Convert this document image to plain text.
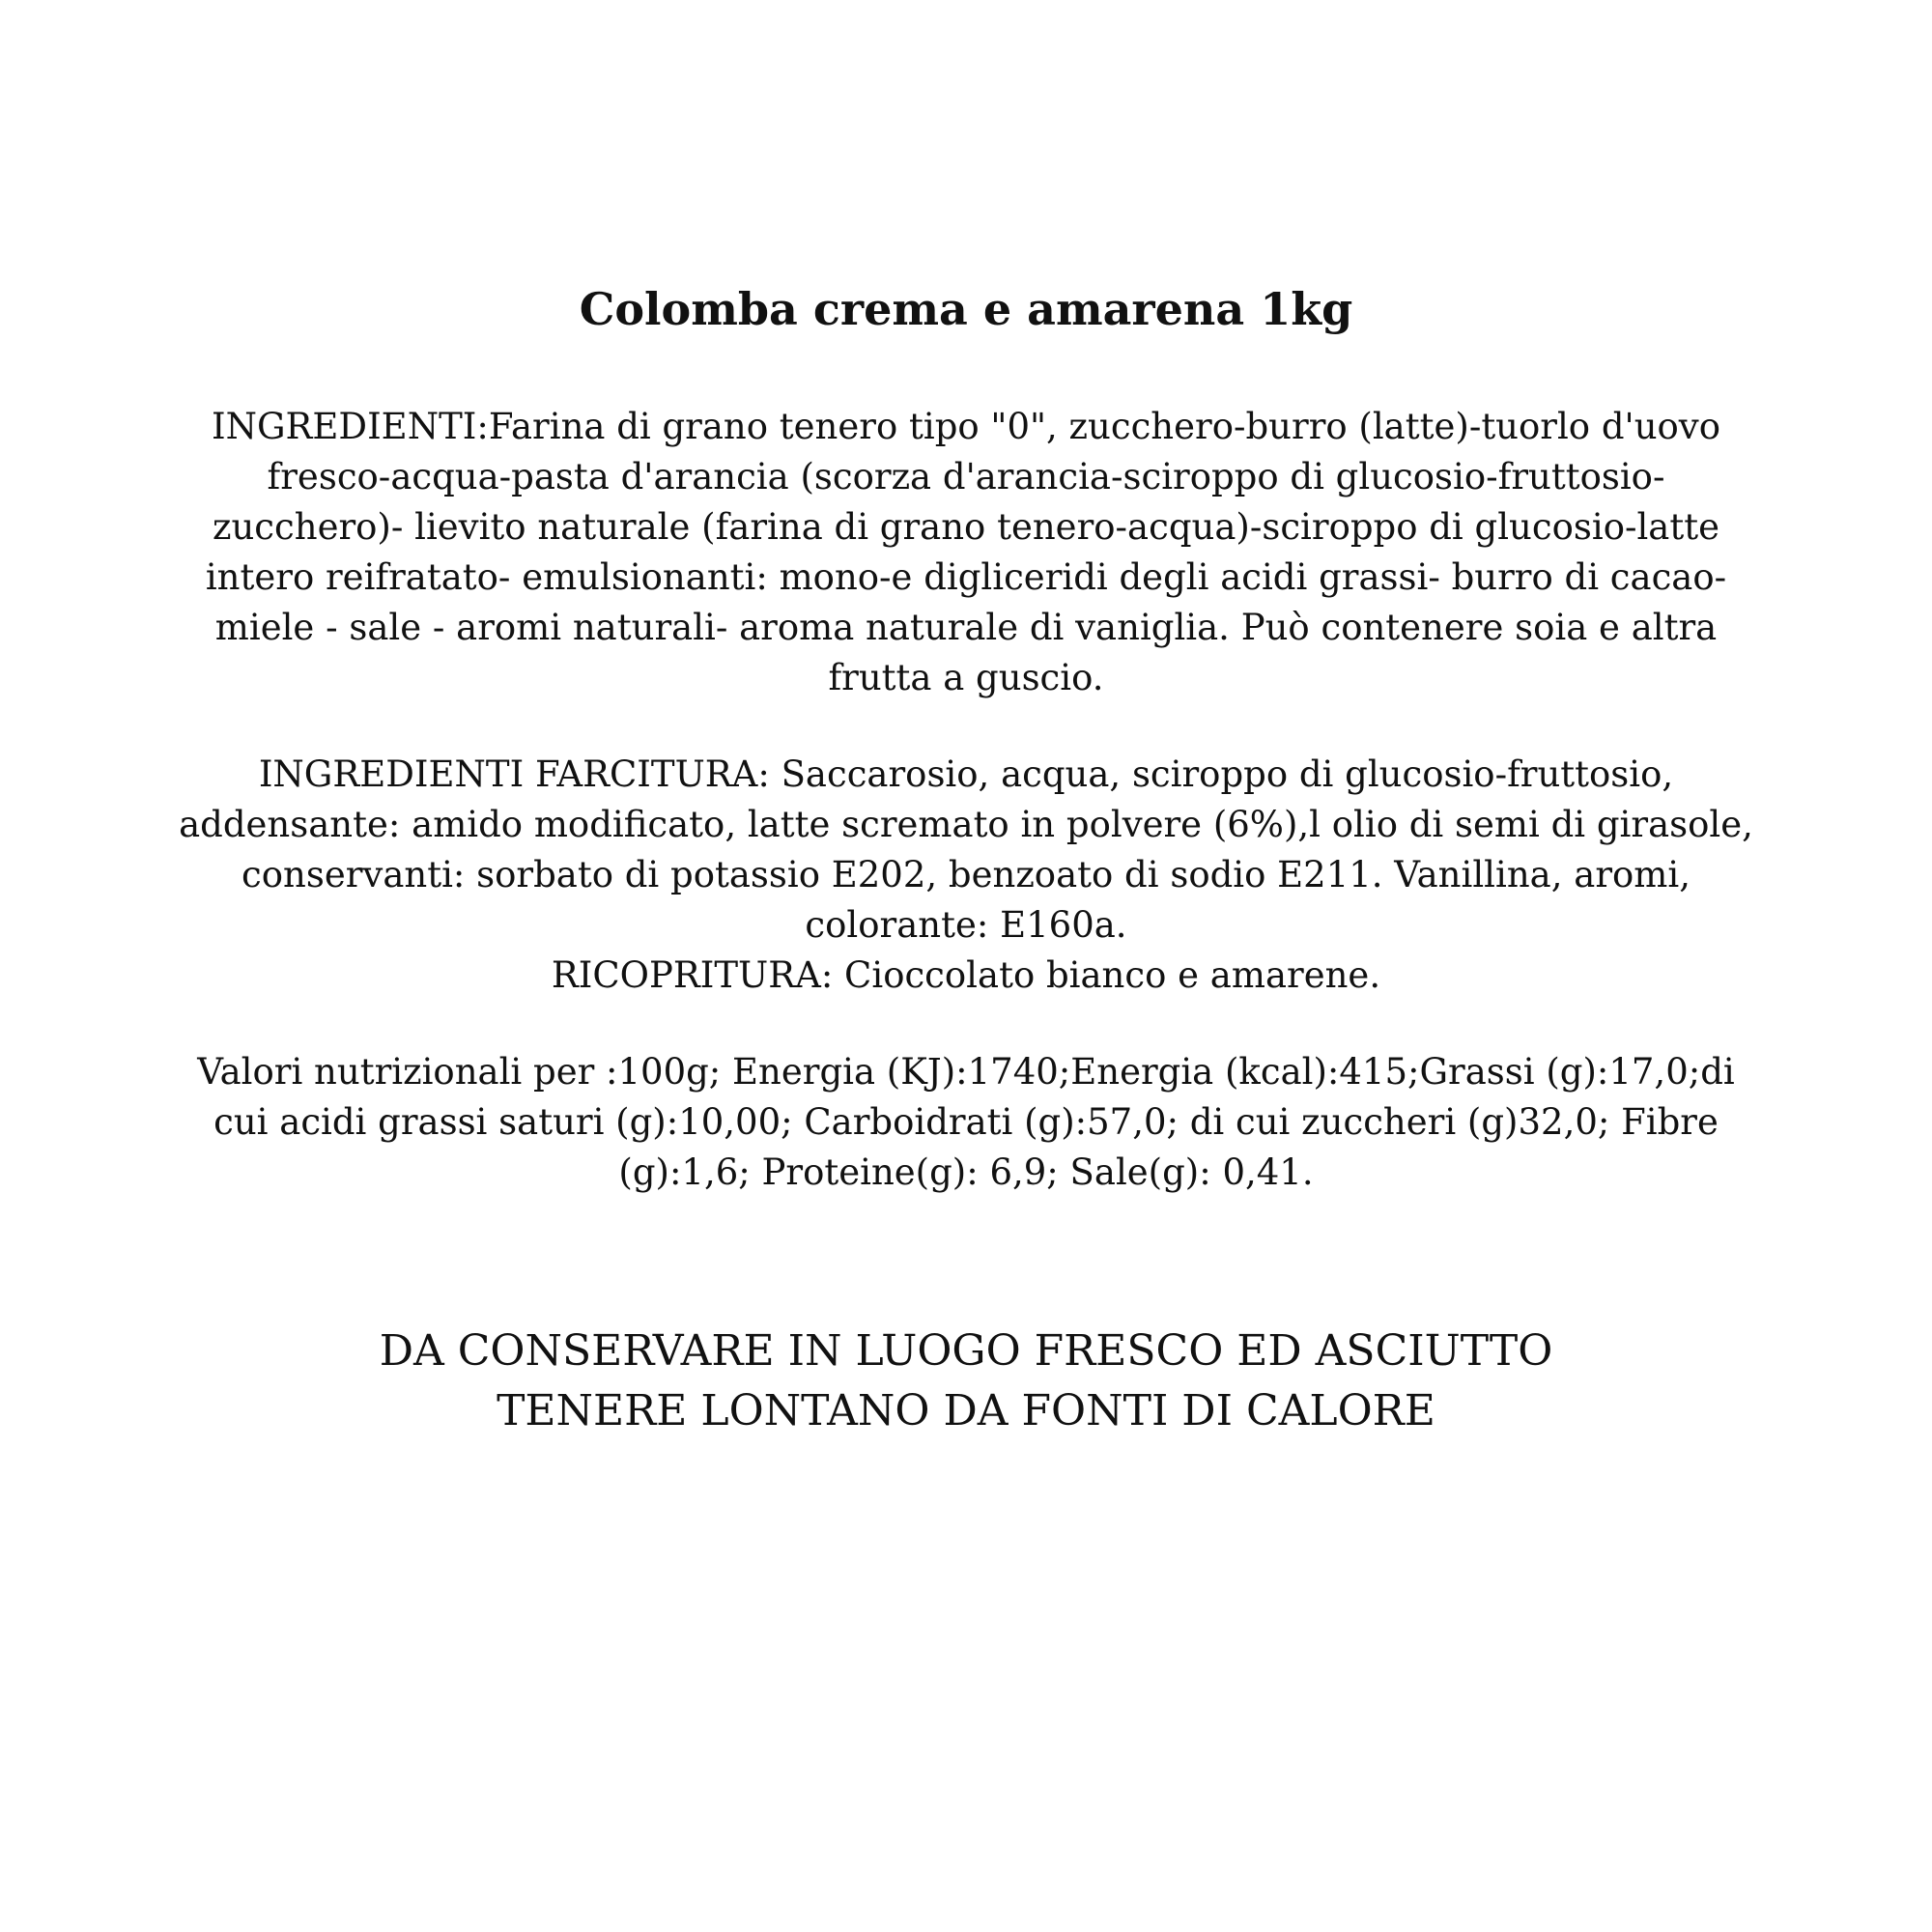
Colomba crema e amarena 1kg

INGREDIENTI:Farina di grano tenero tipo "0", zucchero-burro (latte)-tuorlo d'uovo fresco-acqua-pasta d'arancia (scorza d'arancia-sciroppo di glucosio-fruttosio-zucchero)- lievito naturale (farina di grano tenero-acqua)-sciroppo di glucosio-latte intero reifratato- emulsionanti: mono-e digliceridi degli acidi grassi- burro di cacao-miele - sale - aromi naturali- aroma naturale di vaniglia. Può contenere soia e altra frutta a guscio.

INGREDIENTI FARCITURA: Saccarosio, acqua, sciroppo di glucosio-fruttosio, addensante: amido modificato, latte scremato in polvere (6%),l olio di semi di girasole, conservanti: sorbato di potassio E202, benzoato di sodio E211. Vanillina, aromi, colorante: E160a.

RICOPRITURA: Cioccolato bianco e amarene.

Valori nutrizionali per :100g; Energia (KJ):1740;Energia (kcal):415;Grassi (g):17,0;di cui acidi grassi saturi (g):10,00; Carboidrati (g):57,0; di cui zuccheri (g)32,0; Fibre (g):1,6; Proteine(g): 6,9; Sale(g): 0,41.

DA CONSERVARE IN LUOGO FRESCO ED ASCIUTTO

TENERE LONTANO DA FONTI DI CALORE
